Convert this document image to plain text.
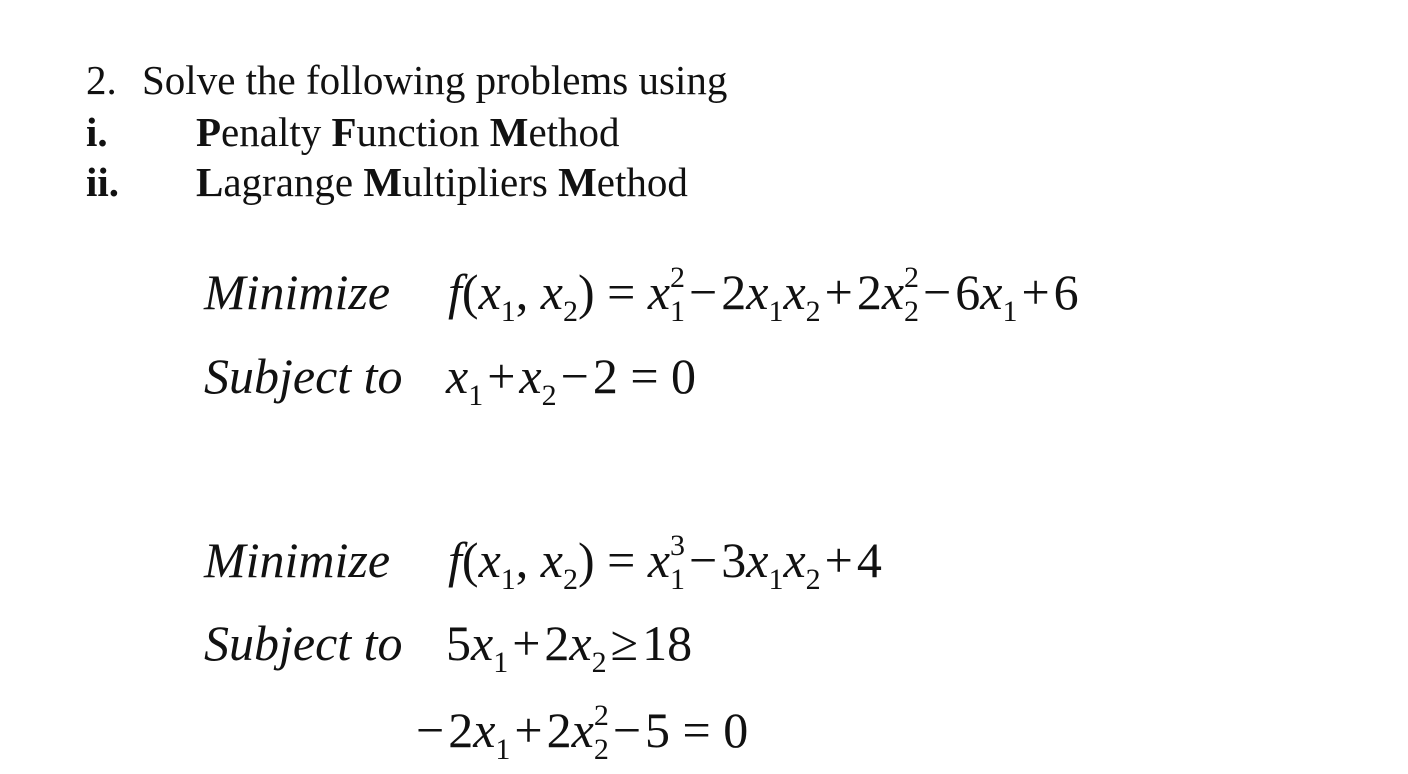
2. Solve the following problems using
i. Penalty Function Method
ii. Lagrange Multipliers Method
Minimize $f(x_1$, $x_2) = x_1^2-2x_1x_2+2x_2^2-6x_1+6$
Subject to $x_1+x_2-2 = 0$
Minimize $f(x_1$, $x_2) = x_1^3-3x_1x_2+4$
Subject to $5x_1+2x_2\ge 18$
$-2x_1+2x_2^2-5 = 0$
